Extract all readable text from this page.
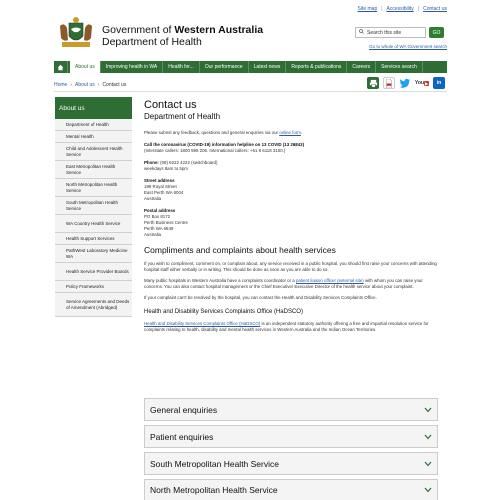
Site map | Accessibility | Contact us
Government of Western Australia
Department of Health
Search this site	GO
Go to whole of WA Government search
About us	Improving health in WA	Health for...	Our performance	Latest news	Reports & publications	Careers	Services search
Home › About us › Contact us	You ▶	in
About us
Department of Health
Mental Health
Child and Adolescent Health Service
East Metropolitan Health Service
North Metropolitan Health Service
South Metropolitan Health Service
WA Country Health Service
Health Support Services
PathWest Laboratory Medicine WA
Health Service Provider Boards
Policy Frameworks
Service Agreements and Deeds of Amendment (Abridged)
Contact us
Department of Health
Please submit any feedback, questions and general enquiries via our online form.
Call the coronavirus (COVID-19) information helpline on 13 COVID (13 26843)
(Interstate callers: 1800 595 206. International callers: +61 8 6118 3100.)
Phone: (08) 9222 4222 (switchboard)
weekdays 8am to 5pm
Street address
189 Royal Street
East Perth WA 6004
Australia
Postal address
PO Box 8172
Perth Business Centre
Perth WA 6849
Australia
Compliments and complaints about health services
If you wish to compliment, comment on, or complain about, any service received in a public hospital, you should first raise your concerns with attending hospital staff either verbally or in writing. This should be done as soon as you are able to do so.
Many public hospitals in Western Australia have a complaints coordinator or a patient liaison officer (external site) with whom you can raise your concerns. You can also contact hospital management or the Chief Executive/ Executive Director of the health service about your complaint.
If your complaint can't be resolved by the hospital, you can contact the Health and Disability Services Complaints Office.
Health and Disability Services Complaints Office (HaDSCO)
Health and Disability Services Complaints Office (HaDSCO) is an independent statutory authority offering a free and impartial resolution service for complaints relating to health, disability and mental health services in Western Australia and the Indian Ocean Territories.
General enquiries
Patient enquiries
South Metropolitan Health Service
North Metropolitan Health Service
